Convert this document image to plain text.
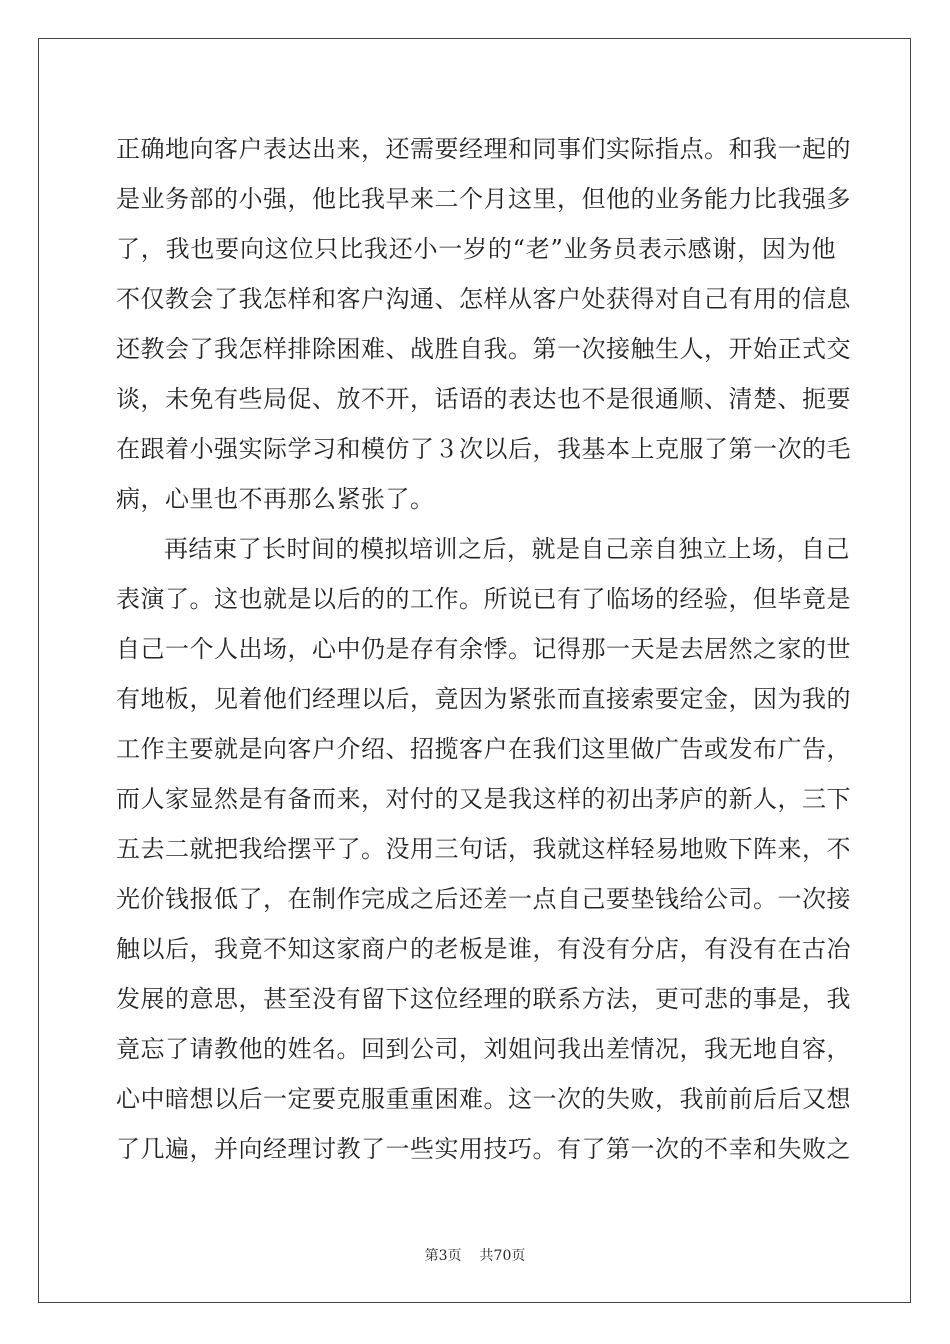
正确地向客户表达出来，还需要经理和同事们实际指点。和我一起的
是业务部的小强，他比我早来二个月这里，但他的业务能力比我强多
了，我也要向这位只比我还小一岁的“老”业务员表示感谢，因为他
不仅教会了我怎样和客户沟通、怎样从客户处获得对自己有用的信息
还教会了我怎样排除困难、战胜自我。第一次接触生人，开始正式交
谈，未免有些局促、放不开，话语的表达也不是很通顺、清楚、扼要
在跟着小强实际学习和模仿了３次以后，我基本上克服了第一次的毛
病，心里也不再那么紧张了。
再结束了长时间的模拟培训之后，就是自己亲自独立上场，自己
表演了。这也就是以后的的工作。所说已有了临场的经验，但毕竟是
自己一个人出场，心中仍是存有余悸。记得那一天是去居然之家的世
有地板，见着他们经理以后，竟因为紧张而直接索要定金，因为我的
工作主要就是向客户介绍、招揽客户在我们这里做广告或发布广告，
而人家显然是有备而来，对付的又是我这样的初出茅庐的新人，三下
五去二就把我给摆平了。没用三句话，我就这样轻易地败下阵来，不
光价钱报低了，在制作完成之后还差一点自己要垫钱给公司。一次接
触以后，我竟不知这家商户的老板是谁，有没有分店，有没有在古冶
发展的意思，甚至没有留下这位经理的联系方法，更可悲的事是，我
竟忘了请教他的姓名。回到公司，刘姐问我出差情况，我无地自容，
心中暗想以后一定要克服重重困难。这一次的失败，我前前后后又想
了几遍，并向经理讨教了一些实用技巧。有了第一次的不幸和失败之
第3页 共70页
